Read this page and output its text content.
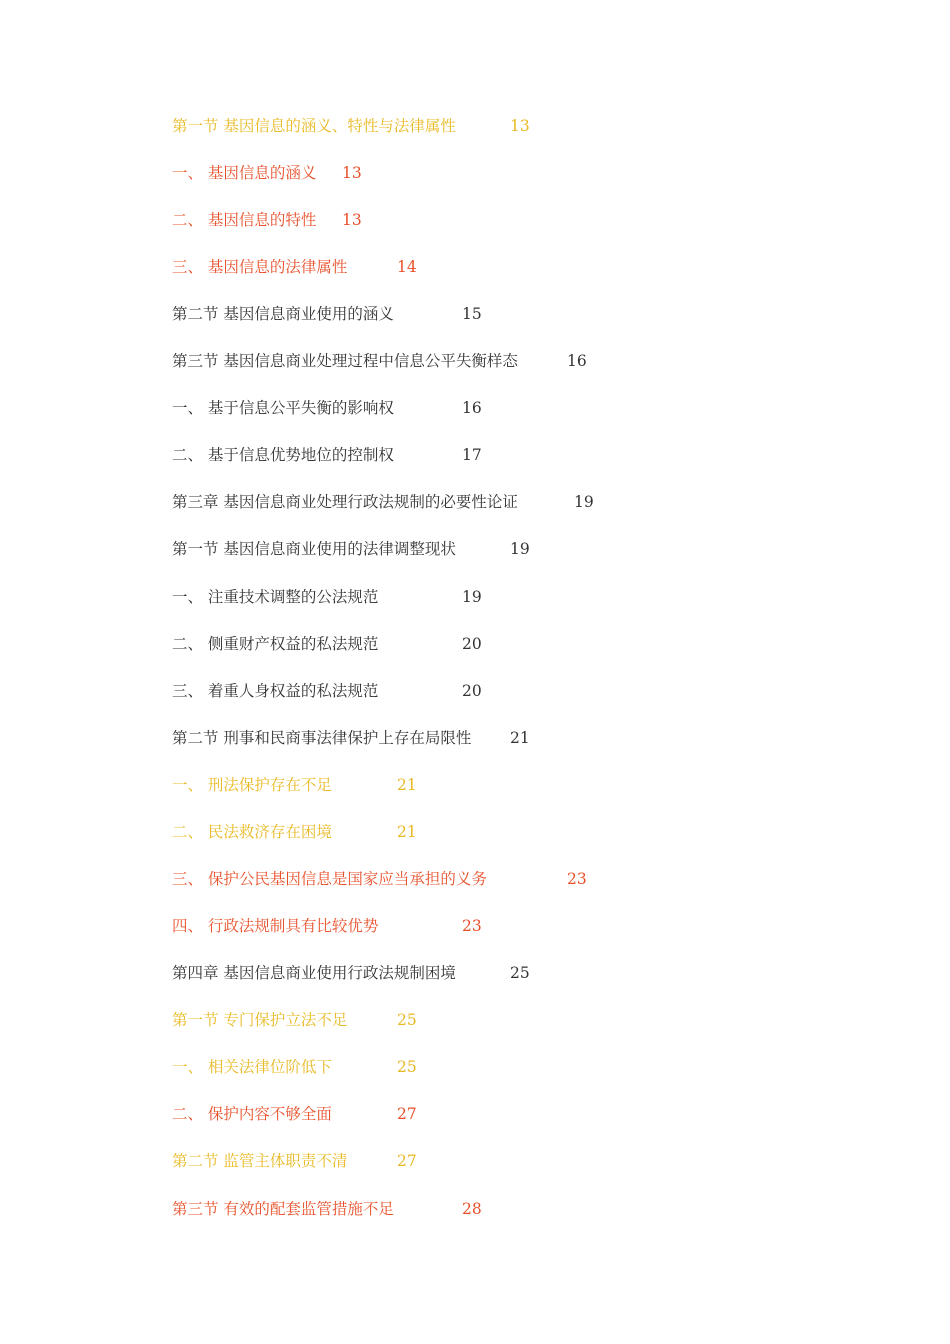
第一节 基因信息的涵义、特性与法律属性	13
一、 基因信息的涵义 13
二、 基因信息的特性 13
三、 基因信息的法律属性	14
第二节 基因信息商业使用的涵义	15
第三节 基因信息商业处理过程中信息公平失衡样态	16
一、 基于信息公平失衡的影响权	16
二、 基于信息优势地位的控制权	17
第三章 基因信息商业处理行政法规制的必要性论证	19
第一节 基因信息商业使用的法律调整现状	19
一、 注重技术调整的公法规范	19
二、 侧重财产权益的私法规范	20
三、 着重人身权益的私法规范	20
第二节 刑事和民商事法律保护上存在局限性 21
一、 刑法保护存在不足	21
二、 民法救济存在困境	21
三、 保护公民基因信息是国家应当承担的义务	23
四、 行政法规制具有比较优势	23
第四章 基因信息商业使用行政法规制困境	25
第一节 专门保护立法不足	25
一、 相关法律位阶低下	25
二、 保护内容不够全面	27
第二节 监管主体职责不清	27
第三节 有效的配套监管措施不足	28
